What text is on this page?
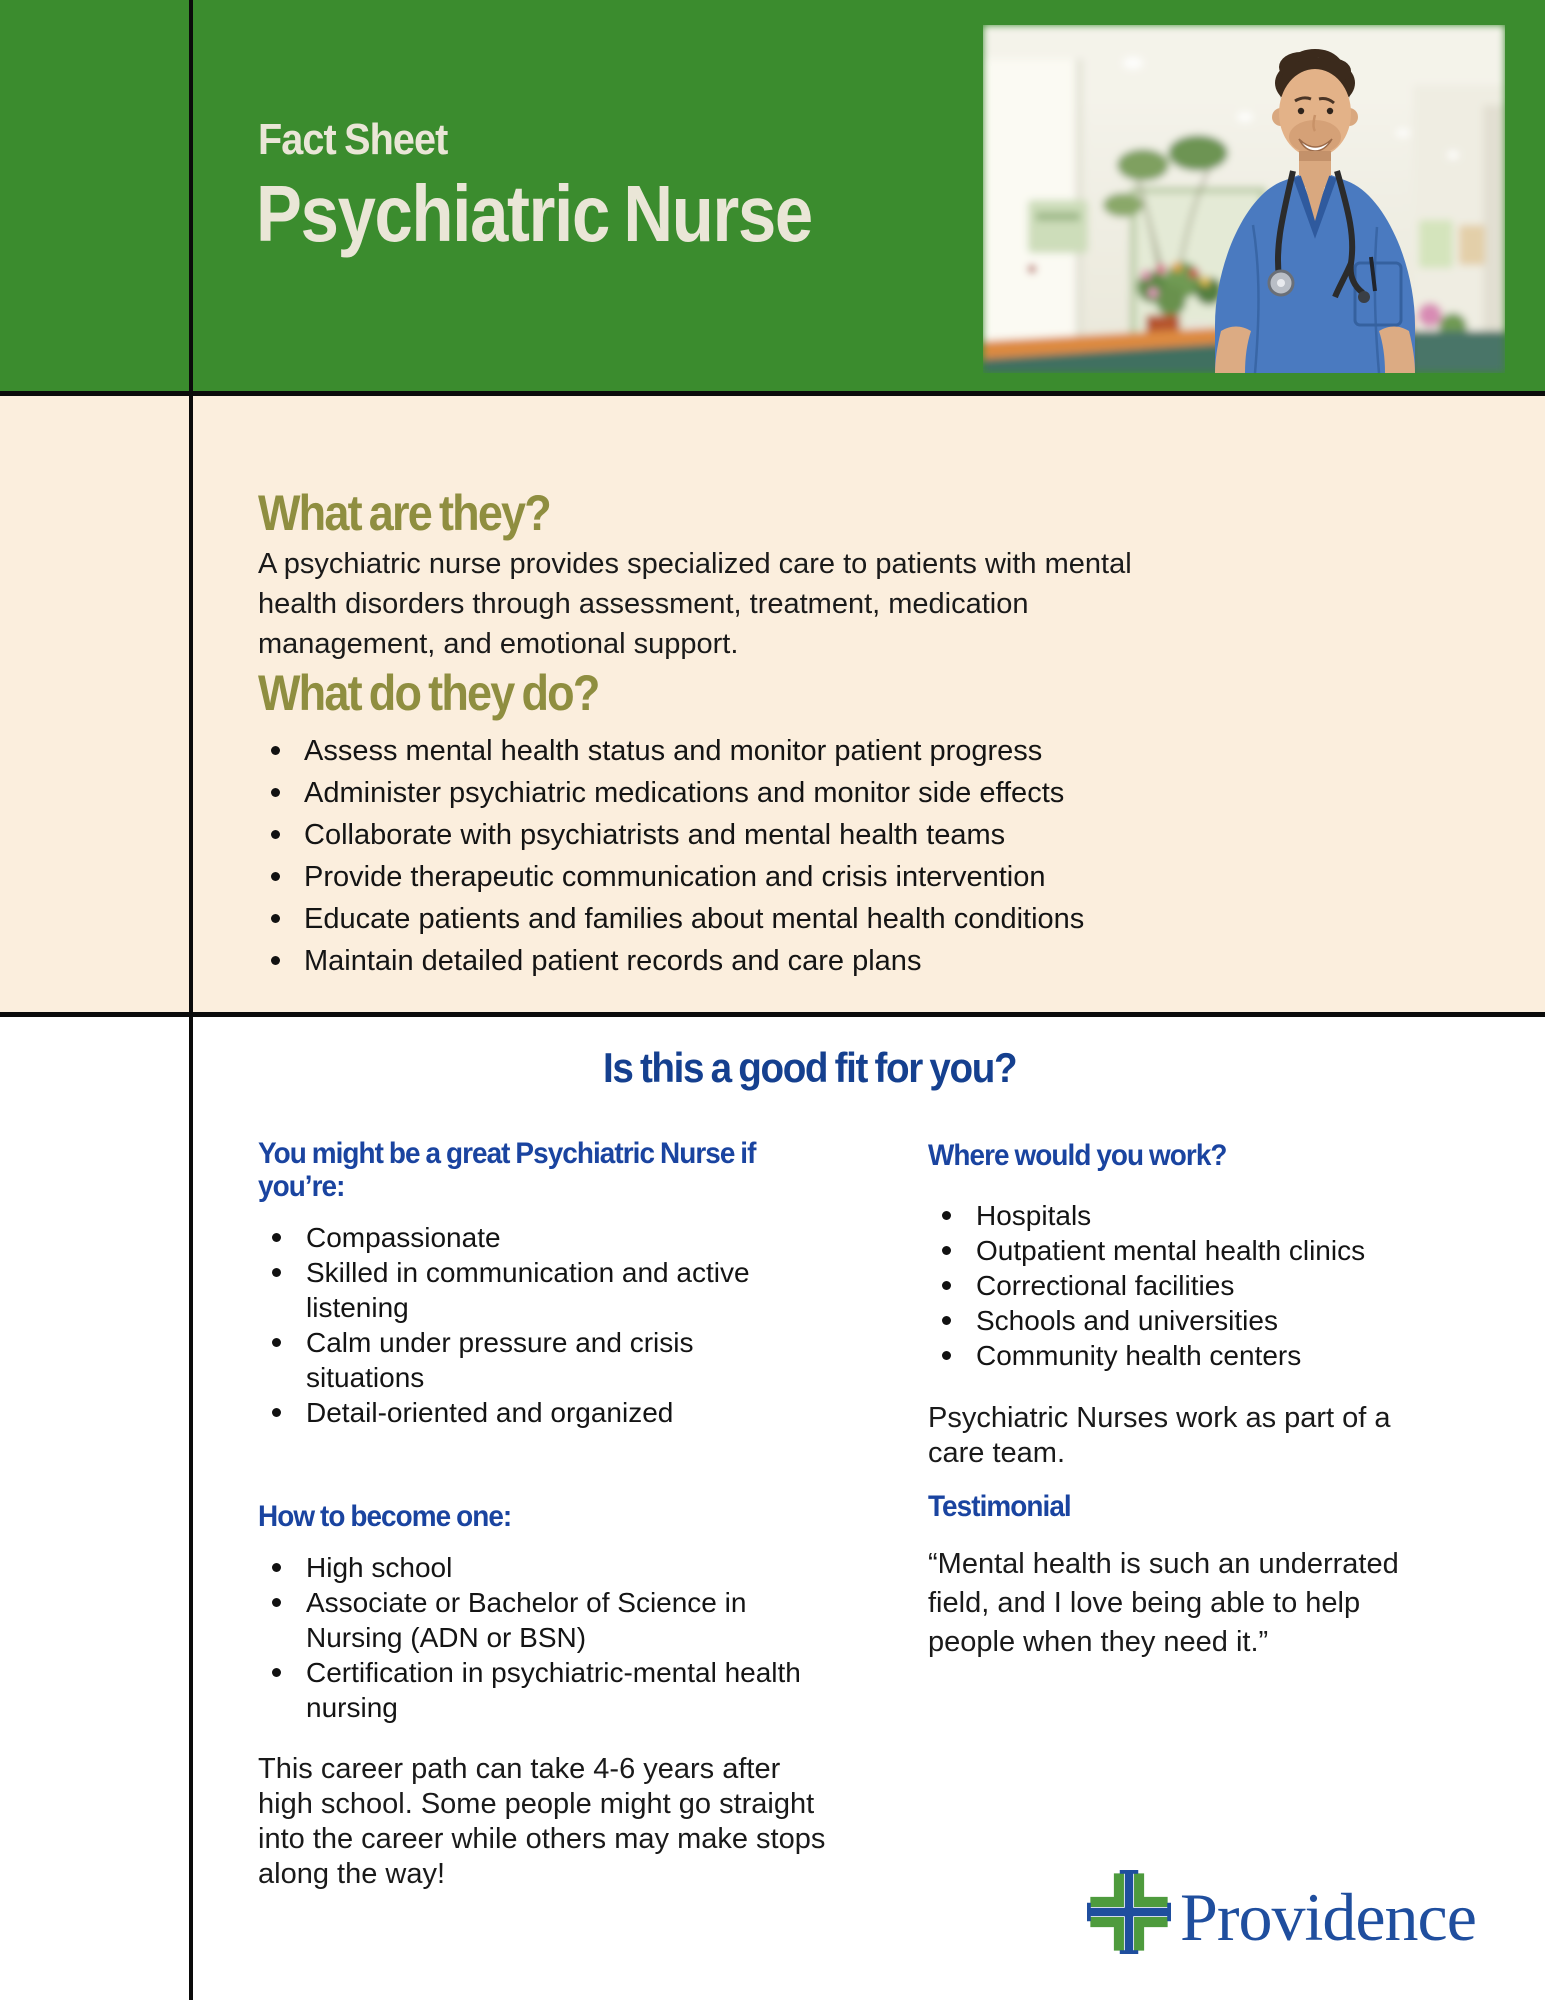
Fact Sheet
Psychiatric Nurse
What are they?
A psychiatric nurse provides specialized care to patients with mental
health disorders through assessment, treatment, medication
management, and emotional support.
What do they do?
Assess mental health status and monitor patient progress
Administer psychiatric medications and monitor side effects
Collaborate with psychiatrists and mental health teams
Provide therapeutic communication and crisis intervention
Educate patients and families about mental health conditions
Maintain detailed patient records and care plans
Is this a good fit for you?
You might be a great Psychiatric Nurse if
you’re:
Compassionate
Skilled in communication and active
listening
Calm under pressure and crisis
situations
Detail-oriented and organized
How to become one:
High school
Associate or Bachelor of Science in
Nursing (ADN or BSN)
Certification in psychiatric-mental health
nursing
This career path can take 4-6 years after
high school. Some people might go straight
into the career while others may make stops
along the way!
Where would you work?
Hospitals
Outpatient mental health clinics
Correctional facilities
Schools and universities
Community health centers
Psychiatric Nurses work as part of a
care team.
Testimonial
“Mental health is such an underrated
field, and I love being able to help
people when they need it.”
Providence
